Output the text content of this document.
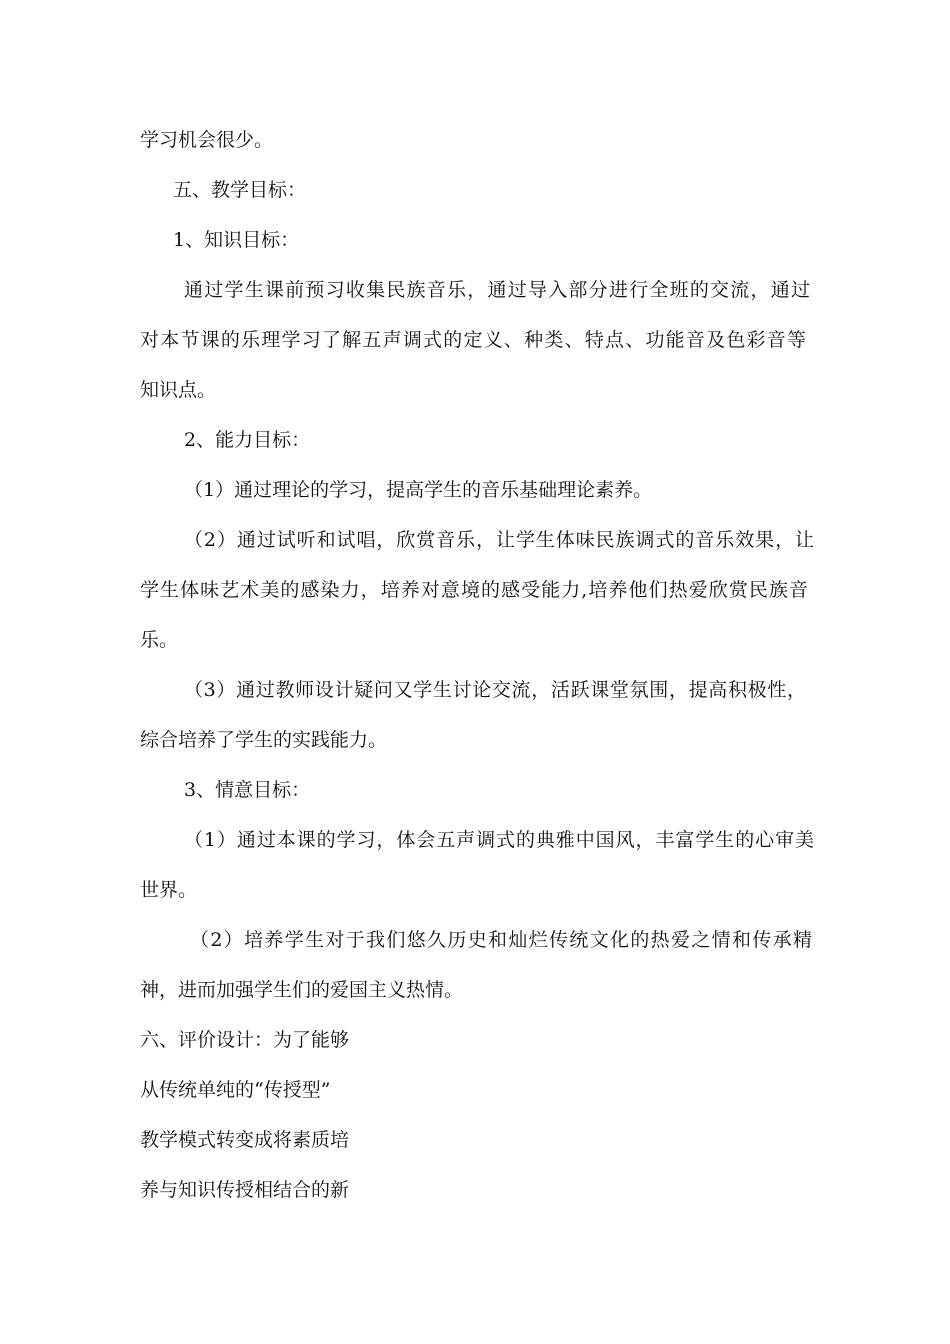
学习机会很少。
五、教学目标：
1、知识目标：
通过学生课前预习收集民族音乐，通过导入部分进行全班的交流，通过
对本节课的乐理学习了解五声调式的定义、种类、特点、功能音及色彩音等
知识点。
2、能力目标：
（1）通过理论的学习，提高学生的音乐基础理论素养。
（2）通过试听和试唱，欣赏音乐，让学生体味民族调式的音乐效果，让
学生体味艺术美的感染力，培养对意境的感受能力,培养他们热爱欣赏民族音
乐。
（3）通过教师设计疑问又学生讨论交流，活跃课堂氛围，提高积极性，
综合培养了学生的实践能力。
3、情意目标：
（1）通过本课的学习，体会五声调式的典雅中国风，丰富学生的心审美
世界。
（2）培养学生对于我们悠久历史和灿烂传统文化的热爱之情和传承精
神，进而加强学生们的爱国主义热情。
六、评价设计：为了能够
从传统单纯的“传授型”
教学模式转变成将素质培
养与知识传授相结合的新
